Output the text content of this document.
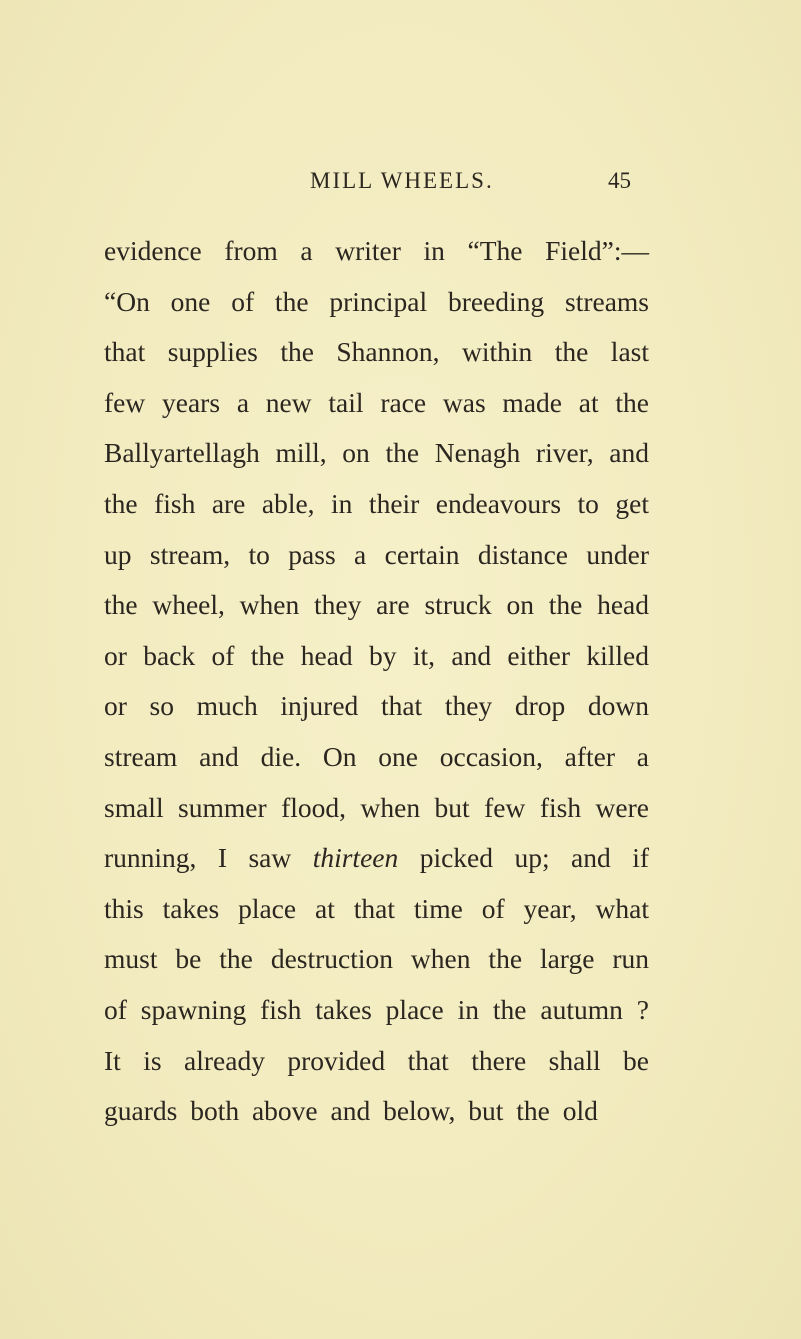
MILL WHEELS.	45
evidence from a writer in “The Field”:—
“On one of the principal breeding streams
that supplies the Shannon, within the last
few years a new tail race was made at the
Ballyartellagh mill, on the Nenagh river, and
the fish are able, in their endeavours to get
up stream, to pass a certain distance under
the wheel, when they are struck on the head
or back of the head by it, and either killed
or so much injured that they drop down
stream and die. On one occasion, after a
small summer flood, when but few fish were
running, I saw thirteen picked up; and if
this takes place at that time of year, what
must be the destruction when the large run
of spawning fish takes place in the autumn ?
It is already provided that there shall be
guards both above and below, but the old
